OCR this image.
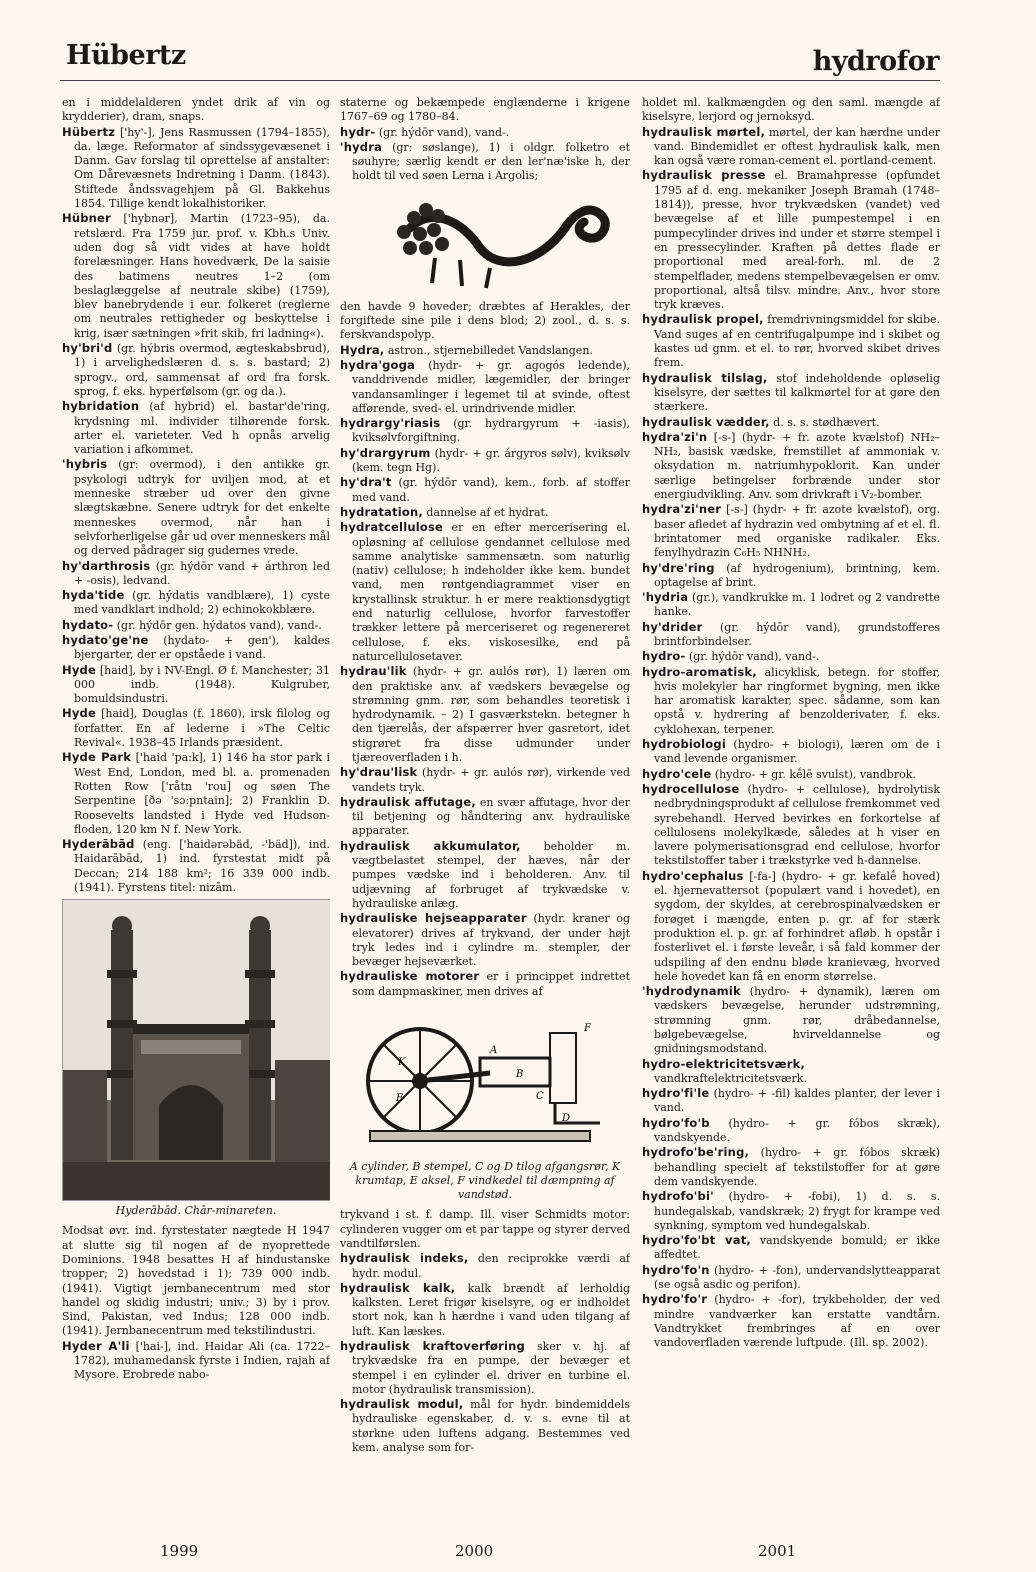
Hübertz	hydrofor
en i middelalderen yndet drik af vin og krydderier), dram, snaps.
Hübertz ['hy'-], Jens Rasmussen (1794–1855), da. læge. Reformator af sindssygevæsenet i Danm. Gav forslag til oprettelse af anstalter: Om Dårevæsnets Indretning i Danm. (1843). Stiftede åndssvagehjem på Gl. Bakkehus 1854. Tillige kendt lokalhistoriker.
Hübner ['hybnər], Martin (1723–95), da. retslærd. Fra 1759 jur. prof. v. Kbh.s Univ. uden dog så vidt vides at have holdt forelæsninger. Hans hovedværk, De la saisie des batimens neutres 1–2 (om beslaglæggelse af neutrale skibe) (1759), blev banebrydende i eur. folkeret (reglerne om neutrales rettigheder og beskyttelse i krig, især sætningen »frit skib, fri ladning«).
hy'bri'd (gr. hýbris overmod, ægteskabsbrud), 1) i arvelighedslæren d. s. s. bastard; 2) sprogv., ord, sammensat af ord fra forsk. sprog, f. eks. hyperfølsom (gr. og da.).
hybridation (af hybrid) el. bastar'de'ring, krydsning ml. individer tilhørende forsk. arter el. varieteter. Ved h opnås arvelig variation i afkommet.
'hybris (gr: overmod), i den antikke gr. psykologi udtryk for uviljen mod, at et menneske stræber ud over den givne slægtskæbne. Senere udtryk for det enkelte menneskes overmod, når han i selvforherligelse går ud over menneskers mål og derved pådrager sig gudernes vrede.
hy'darthrosis (gr. hýdōr vand + árthron led + -osis), ledvand.
hyda'tide (gr. hýdatis vandblære), 1) cyste med vandklart indhold; 2) echinokokblære.
hydato- (gr. hýdōr gen. hýdatos vand), vand-.
hydato'ge'ne (hydato- + gen'), kaldes bjergarter, der er opståede i vand.
Hyde [haid], by i NV-Engl. Ø f. Manchester; 31 000 indb. (1948). Kulgruber, bomuldsindustri.
Hyde [haid], Douglas (f. 1860), irsk filolog og forfatter. En af lederne i »The Celtic Revival«. 1938–45 Irlands præsident.
Hyde Park ['haid 'pa:k], 1) 146 ha stor park i West End, London, med bl. a. promenaden Rotten Row ['råtn 'rou] og søen The Serpentine [ðə 'sɔ:pntain]; 2) Franklin D. Roosevelts landsted i Hyde ved Hudson-floden, 120 km N f. New York.
Hyderābād (eng. ['haidərəbäd, -'bäd]), ind. Haidarābād, 1) ind. fyrstestat midt på Deccan; 214 188 km²; 16 339 000 indb. (1941). Fyrstens titel: nizām.
Hyderābād. Chār-minareten.
Modsat øvr. ind. fyrstestater nægtede H 1947 at slutte sig til nogen af de nyoprettede Dominions. 1948 besattes H af hindustanske tropper; 2) hovedstad i 1); 739 000 indb. (1941). Vigtigt jernbanecentrum med stor handel og skidig industri; univ.; 3) by i prov. Sind, Pakistan, ved Indus; 128 000 indb. (1941). Jernbanecentrum med tekstilindustri.
Hyder A'li ['hai-], ind. Haidar Ali (ca. 1722–1782), muhamedansk fyrste i Indien, rajah af Mysore. Erobrede nabo-
staterne og bekæmpede englænderne i krigene 1767–69 og 1780–84.
hydr- (gr. hýdōr vand), vand-.
'hydra (gr: søslange), 1) i oldgr. folketro et søuhyre; særlig kendt er den ler'næ'iske h, der holdt til ved søen Lerna i Argolis;
den havde 9 hoveder; dræbtes af Herakles, der forgiftede sine pile i dens blod; 2) zool., d. s. s. ferskvandspolyp.
Hydra, astron., stjernebilledet Vandslangen.
hydra'goga (hydr- + gr. agogós ledende), vanddrivende midler, lægemidler, der bringer vandansamlinger i legemet til at svinde, oftest afførende, sved- el. urindrivende midler.
hydrargy'riasis (gr. hydrargyrum + -iasis), kviksølvforgiftning.
hy'drargyrum (hydr- + gr. árgyros sølv), kviksølv (kem. tegn Hg).
hy'dra't (gr. hýdōr vand), kem., forb. af stoffer med vand.
hydratation, dannelse af et hydrat.
hydratcellulose er en efter mercerisering el. opløsning af cellulose gendannet cellulose med samme analytiske sammensætn. som naturlig (nativ) cellulose; h indeholder ikke kem. bundet vand, men røntgendiagrammet viser en krystallinsk struktur. h er mere reaktionsdygtigt end naturlig cellulose, hvorfor farvestoffer trækker lettere på merceriseret og regenereret cellulose, f. eks. viskosesilke, end på naturcellulosetaver.
hydrau'lik (hydr- + gr. aulós rør), 1) læren om den praktiske anv. af vædskers bevægelse og strømning gnm. rør, som behandles teoretisk i hydrodynamik. – 2) I gasværkstekn. betegner h den tjærelås, der afspærrer hver gasretort, idet stigrøret fra disse udmunder under tjæreoverfladen i h.
hy'drau'lisk (hydr- + gr. aulós rør), virkende ved vandets tryk.
hydraulisk affutage, en svær affutage, hvor der til betjening og håndtering anv. hydrauliske apparater.
hydraulisk akkumulator, beholder m. vægtbelastet stempel, der hæves, når der pumpes vædske ind i beholderen. Anv. til udjævning af forbruget af trykvædske v. hydrauliske anlæg.
hydrauliske hejseapparater (hydr. kraner og elevatorer) drives af trykvand, der under højt tryk ledes ind i cylindre m. stempler, der bevæger hejseværket.
hydrauliske motorer er i princippet indrettet som dampmaskiner, men drives af
K
E
A
B
C
F
D
A cylinder, B stempel, C og D tilog afgangsrør, K krumtap, E aksel, F vindkedel til dæmpning af vandstød.
trykvand i st. f. damp. Ill. viser Schmidts motor: cylinderen vugger om et par tappe og styrer derved vandtilførslen.
hydraulisk indeks, den reciprokke værdi af hydr. modul.
hydraulisk kalk, kalk brændt af lerholdig kalksten. Leret frigør kiselsyre, og er indholdet stort nok, kan h hærdne i vand uden tilgang af luft. Kan læskes.
hydraulisk kraftoverføring sker v. hj. af trykvædske fra en pumpe, der bevæger et stempel i en cylinder el. driver en turbine el. motor (hydraulisk transmission).
hydraulisk modul, mål for hydr. bindemiddels hydrauliske egenskaber, d. v. s. evne til at størkne uden luftens adgang. Bestemmes ved kem. analyse som for-
holdet ml. kalkmængden og den saml. mængde af kiselsyre, lerjord og jernoksyd.
hydraulisk mørtel, mørtel, der kan hærdne under vand. Bindemidlet er oftest hydraulisk kalk, men kan også være roman-cement el. portland-cement.
hydraulisk presse el. Bramahpresse (opfundet 1795 af d. eng. mekaniker Joseph Bramah (1748–1814)), presse, hvor trykvædsken (vandet) ved bevægelse af et lille pumpestempel i en pumpecylinder drives ind under et større stempel i en pressecylinder. Kraften på dettes flade er proportional med areal-forh. ml. de 2 stempelflader, medens stempelbevægelsen er omv. proportional, altså tilsv. mindre. Anv., hvor store tryk kræves.
hydraulisk propel, fremdrivningsmiddel for skibe. Vand suges af en centrifugalpumpe ind i skibet og kastes ud gnm. et el. to rør, hvorved skibet drives frem.
hydraulisk tilslag, stof indeholdende opløselig kiselsyre, der sættes til kalkmørtel for at gøre den stærkere.
hydraulisk vædder, d. s. s. stødhævert.
hydra'zi'n [-s-] (hydr- + fr. azote kvælstof) NH₂–NH₂, basisk vædske, fremstillet af ammoniak v. oksydation m. natriumhypoklorit. Kan under særlige betingelser forbrænde under stor energiudvikling. Anv. som drivkraft i V₂-bomber.
hydra'zi'ner [-s-] (hydr- + fr. azote kvælstof), org. baser afledet af hydrazin ved ombytning af et el. fl. brintatomer med organiske radikaler. Eks. fenylhydrazin C₆H₅ NHNH₂.
hy'dre'ring (af hydrogenium), brintning, kem. optagelse af brint.
'hydria (gr.), vandkrukke m. 1 lodret og 2 vandrette hanke.
hy'drider (gr. hýdōr vand), grundstofferes brintforbindelser.
hydro- (gr. hýdōr vand), vand-.
hydro-aromatisk, alicyklisk, betegn. for stoffer, hvis molekyler har ringformet bygning, men ikke har aromatisk karakter, spec. sådanne, som kan opstå v. hydrering af benzolderivater, f. eks. cyklohexan, terpener.
hydrobiologi (hydro- + biologi), læren om de i vand levende organismer.
hydro'cele (hydro- + gr. kḗlē svulst), vandbrok.
hydrocellulose (hydro- + cellulose), hydrolytisk nedbrydningsprodukt af cellulose fremkommet ved syrebehandl. Herved bevirkes en forkortelse af cellulosens molekylkæde, således at h viser en lavere polymerisationsgrad end cellulose, hvorfor tekstilstoffer taber i trækstyrke ved h-dannelse.
hydro'cephalus [-fa-] (hydro- + gr. kefalḗ hoved) el. hjernevattersot (populært vand i hovedet), en sygdom, der skyldes, at cerebrospinalvædsken er forøget i mængde, enten p. gr. af for stærk produktion el. p. gr. af forhindret afløb. h opstår i fosterlivet el. i første leveår, i så fald kommer der udspiling af den endnu bløde kranievæg, hvorved hele hovedet kan få en enorm størrelse.
'hydrodynamik (hydro- + dynamik), læren om vædskers bevægelse, herunder udstrømning, strømning gnm. rør, dråbedannelse, bølgebevægelse, hvirveldannelse og gnidningsmodstand.
hydro-elektricitetsværk, vandkraftelektricitetsværk.
hydro'fi'le (hydro- + -fil) kaldes planter, der lever i vand.
hydro'fo'b (hydro- + gr. fóbos skræk), vandskyende.
hydrofo'be'ring, (hydro- + gr. fóbos skræk) behandling specielt af tekstilstoffer for at gøre dem vandskyende.
hydrofo'bi' (hydro- + -fobi), 1) d. s. s. hundegalskab, vandskræk; 2) frygt for krampe ved synkning, symptom ved hundegalskab.
hydro'fo'bt vat, vandskyende bomuld; er ikke affedtet.
hydro'fo'n (hydro- + -fon), undervandslytteapparat (se også asdic og perifon).
hydro'fo'r (hydro- + -for), trykbeholder, der ved mindre vandværker kan erstatte vandtårn. Vandtrykket frembringes af en over vandoverfladen værende luftpude. (Ill. sp. 2002).
1999	2000	2001
